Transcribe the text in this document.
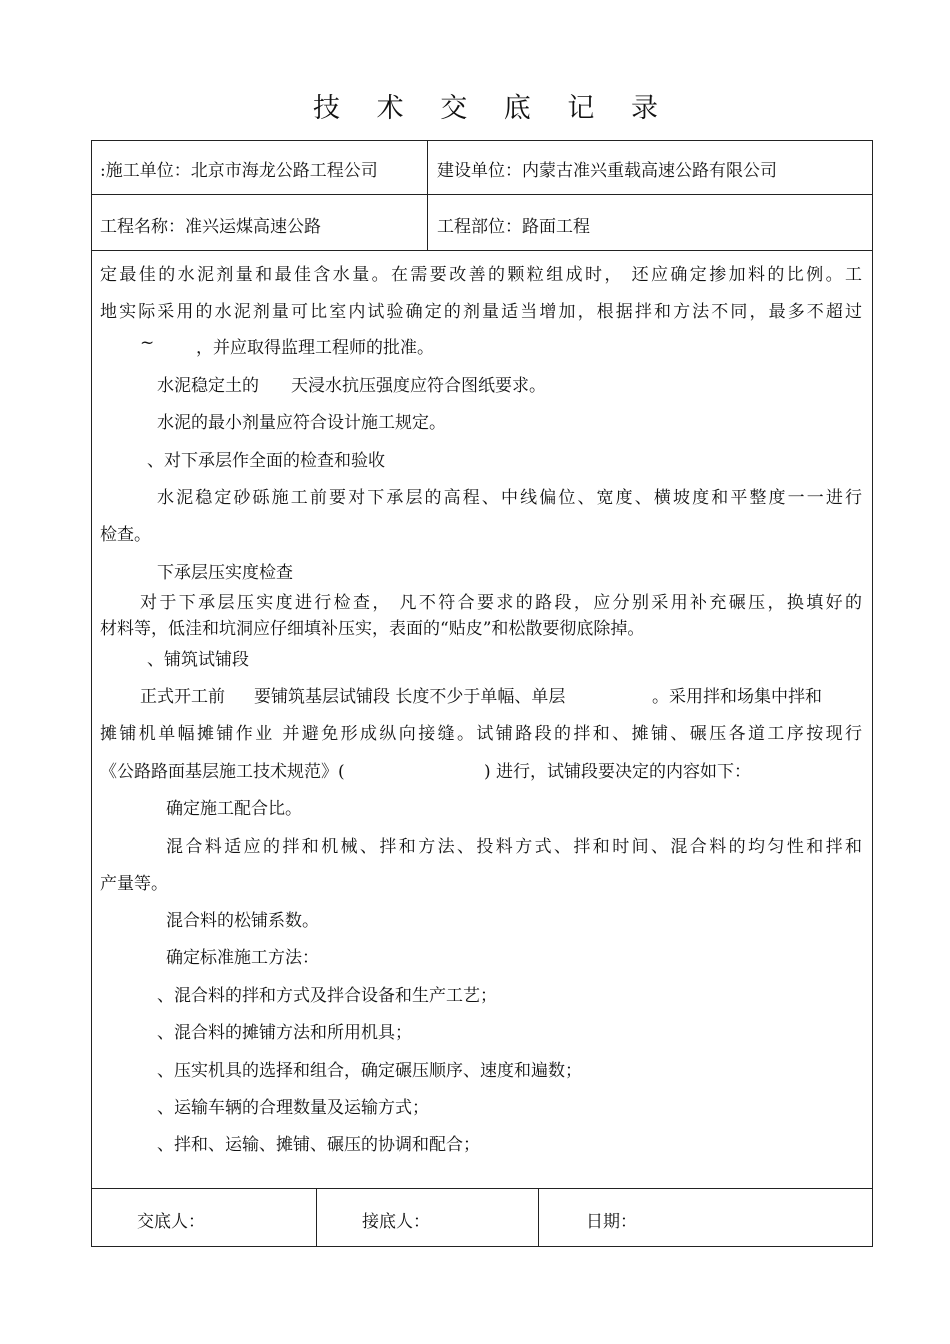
技 术 交 底 记 录
:施工单位：北京市海龙公路工程公司	建设单位：内蒙古准兴重载高速公路有限公司
工程名称：准兴运煤高速公路	工程部位：路面工程
定最佳的水泥剂量和最佳含水量。在需要改善的颗粒组成时， 还应确定掺加料的比例。工
地实际采用的水泥剂量可比室内试验确定的剂量适当增加，根据拌和方法不同，最多不超过
~ ，并应取得监理工程师的批准。
水泥稳定土的 天浸水抗压强度应符合图纸要求。
水泥的最小剂量应符合设计施工规定。
、对下承层作全面的检查和验收
水泥稳定砂砾施工前要对下承层的高程、中线偏位、宽度、横坡度和平整度一一进行
检查。
下承层压实度检查
对于下承层压实度进行检查， 凡不符合要求的路段，应分别采用补充碾压，换填好的
材料等，低洼和坑洞应仔细填补压实，表面的“贴皮”和松散要彻底除掉。
、铺筑试铺段
正式开工前 要铺筑基层试铺段 长度不少于单幅、单层	。采用拌和场集中拌和
摊铺机单幅摊铺作业 并避免形成纵向接缝。试铺路段的拌和、摊铺、碾压各道工序按现行
《公路路面基层施工技术规范》(	) 进行，试铺段要决定的内容如下：
确定施工配合比。
混合料适应的拌和机械、拌和方法、投料方式、拌和时间、混合料的均匀性和拌和
产量等。
混合料的松铺系数。
确定标准施工方法：
、混合料的拌和方式及拌合设备和生产工艺；
、混合料的摊铺方法和所用机具；
、压实机具的选择和组合，确定碾压顺序、速度和遍数；
、运输车辆的合理数量及运输方式；
、拌和、运输、摊铺、碾压的协调和配合；
交底人：	接底人：	日期：
